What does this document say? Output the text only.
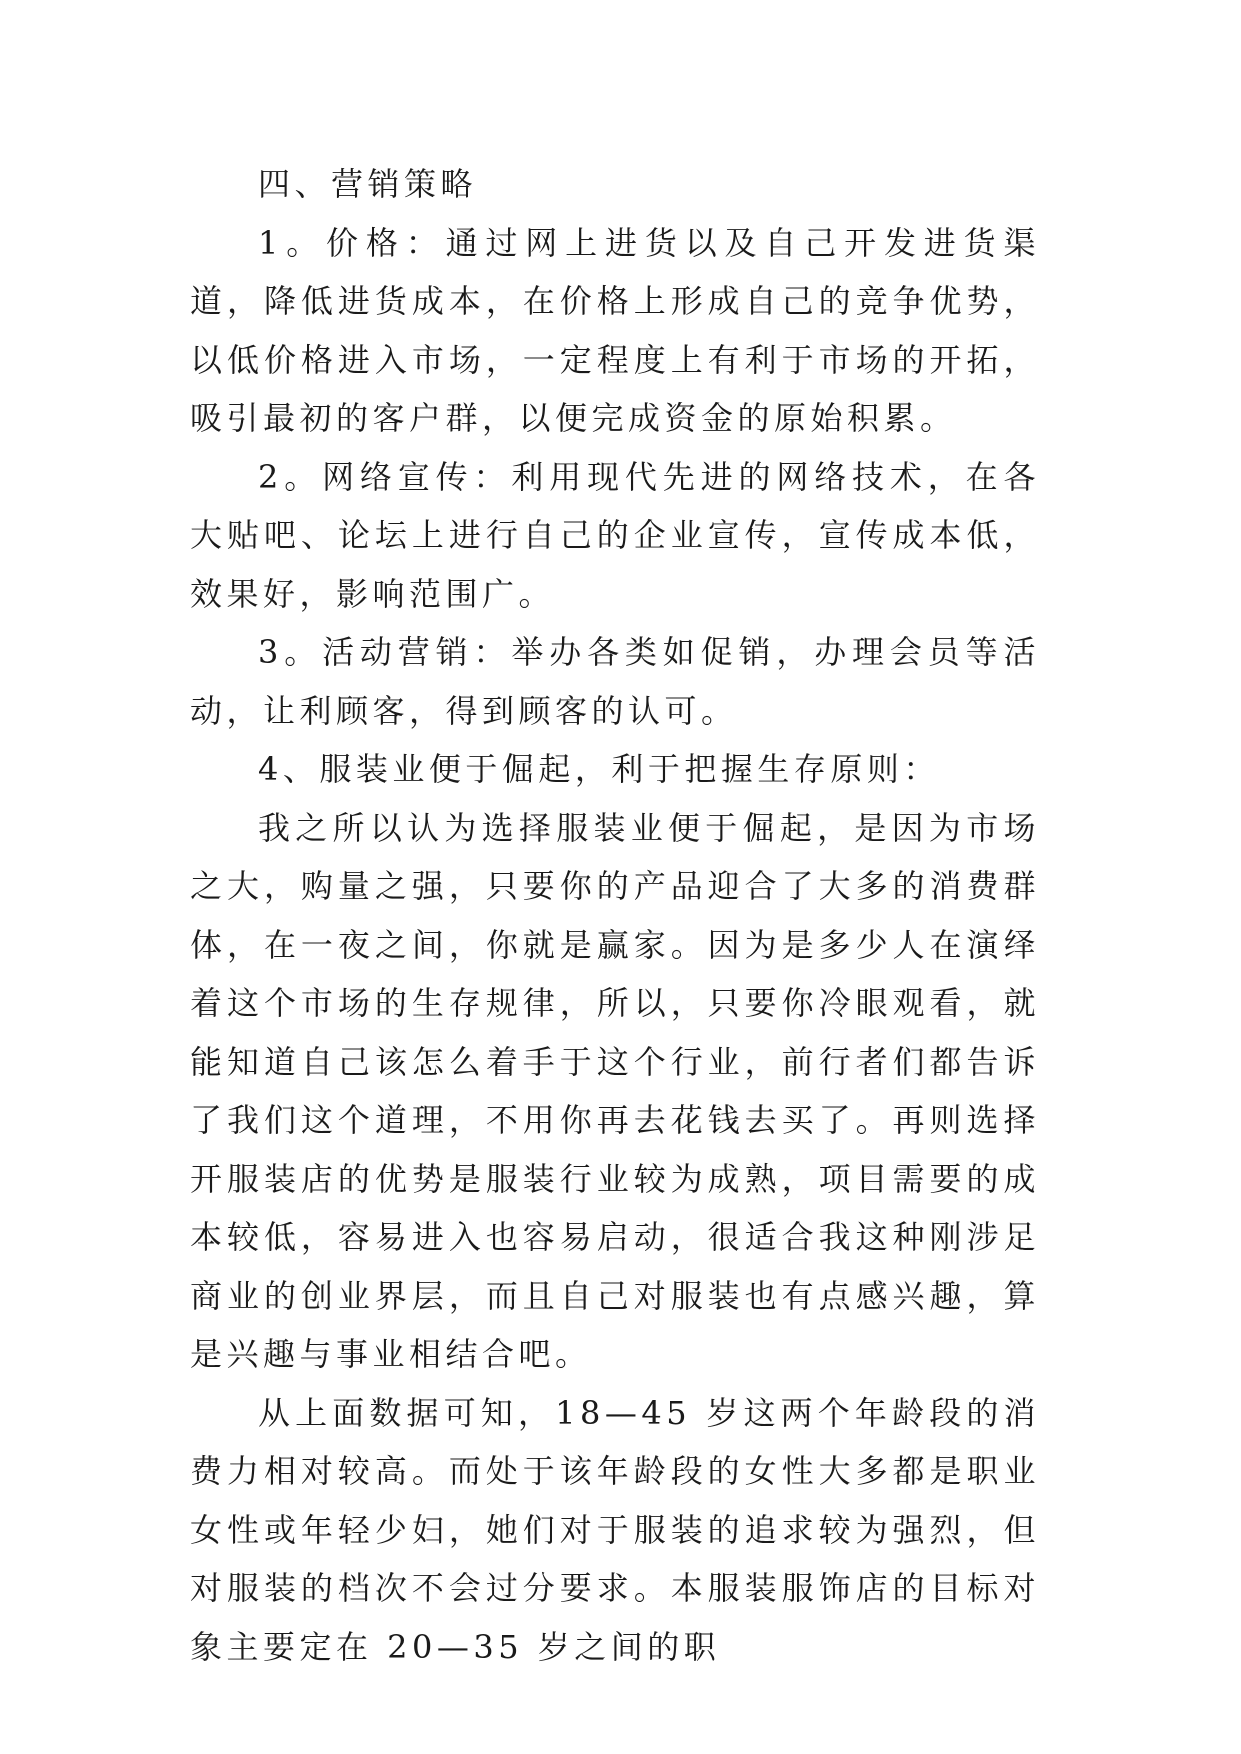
四、营销策略

1。价格：通过网上进货以及自己开发进货渠道，降低进货成本，在价格上形成自己的竞争优势，以低价格进入市场，一定程度上有利于市场的开拓，吸引最初的客户群，以便完成资金的原始积累。

2。网络宣传：利用现代先进的网络技术，在各大贴吧、论坛上进行自己的企业宣传，宣传成本低，效果好，影响范围广。

3。活动营销：举办各类如促销，办理会员等活动，让利顾客，得到顾客的认可。

4、服装业便于倔起，利于把握生存原则：

我之所以认为选择服装业便于倔起，是因为市场之大，购量之强，只要你的产品迎合了大多的消费群体，在一夜之间，你就是赢家。因为是多少人在演绎着这个市场的生存规律，所以，只要你冷眼观看，就能知道自己该怎么着手于这个行业，前行者们都告诉了我们这个道理，不用你再去花钱去买了。再则选择开服装店的优势是服装行业较为成熟，项目需要的成本较低，容易进入也容易启动，很适合我这种刚涉足商业的创业界层，而且自己对服装也有点感兴趣，算是兴趣与事业相结合吧。

从上面数据可知，18—45 岁这两个年龄段的消费力相对较高。而处于该年龄段的女性大多都是职业女性或年轻少妇，她们对于服装的追求较为强烈，但对服装的档次不会过分要求。本服装服饰店的目标对象主要定在 20—35 岁之间的职
